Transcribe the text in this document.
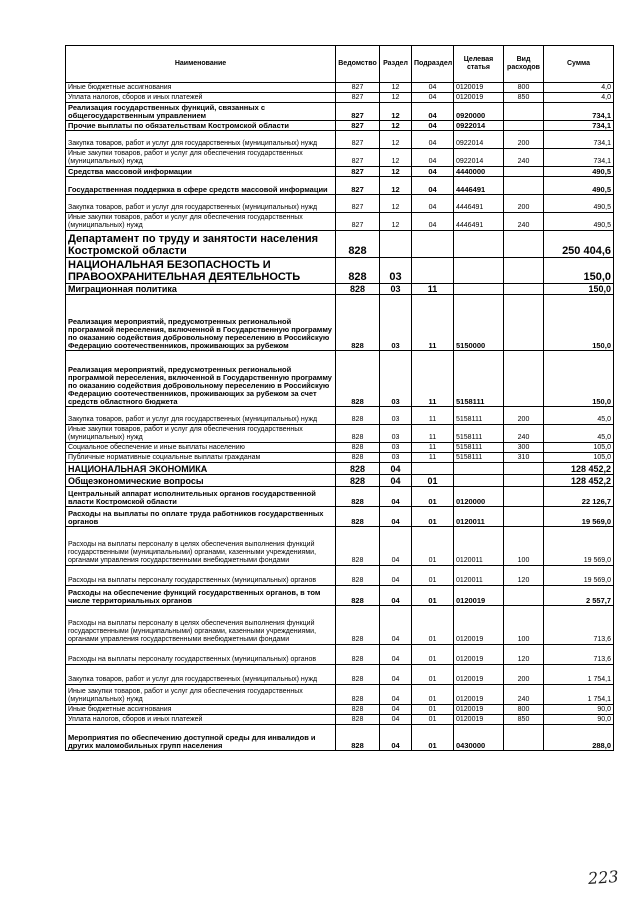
Наименование	Ведомство	Раздел	Подраздел	Целевая статья	Вид расходов	Сумма
Иные бюджетные ассигнования	827	12	04	0120019	800	4,0
Уплата налогов, сборов и иных платежей	827	12	04	0120019	850	4,0
Реализация государственных функций, связанных с общегосударственным управлением	827	12	04	0920000		734,1
Прочие выплаты по обязательствам Костромской области	827	12	04	0922014		734,1
Закупка товаров, работ и услуг для государственных (муниципальных) нужд	827	12	04	0922014	200	734,1
Иные закупки товаров, работ и услуг для обеспечения государственных (муниципальных) нужд	827	12	04	0922014	240	734,1
Средства массовой информации	827	12	04	4440000		490,5
Государственная поддержка в сфере средств массовой информации	827	12	04	4446491		490,5
Закупка товаров, работ и услуг для государственных (муниципальных) нужд	827	12	04	4446491	200	490,5
Иные закупки товаров, работ и услуг для обеспечения государственных (муниципальных) нужд	827	12	04	4446491	240	490,5
Департамент по труду и занятости населения Костромской области	828					250 404,6
НАЦИОНАЛЬНАЯ БЕЗОПАСНОСТЬ И ПРАВООХРАНИТЕЛЬНАЯ ДЕЯТЕЛЬНОСТЬ	828	03				150,0
Миграционная политика	828	03	11			150,0
Реализация мероприятий, предусмотренных региональной программой переселения, включенной в Государственную программу по оказанию содействия добровольному переселению в Российскую Федерацию соотечественников, проживающих за рубежом	828	03	11	5150000		150,0
Реализация мероприятий, предусмотренных региональной программой переселения, включенной в Государственную программу по оказанию содействия добровольному переселению в Российскую Федерацию соотечественников, проживающих за рубежом за счет средств областного бюджета	828	03	11	5158111		150,0
Закупка товаров, работ и услуг для государственных (муниципальных) нужд	828	03	11	5158111	200	45,0
Иные закупки товаров, работ и услуг для обеспечения государственных (муниципальных) нужд	828	03	11	5158111	240	45,0
Социальное обеспечение и иные выплаты населению	828	03	11	5158111	300	105,0
Публичные нормативные социальные выплаты гражданам	828	03	11	5158111	310	105,0
НАЦИОНАЛЬНАЯ ЭКОНОМИКА	828	04				128 452,2
Общеэкономические вопросы	828	04	01			128 452,2
Центральный аппарат исполнительных органов государственной власти Костромской области	828	04	01	0120000		22 126,7
Расходы на выплаты по оплате труда работников государственных органов	828	04	01	0120011		19 569,0
Расходы на выплаты персоналу в целях обеспечения выполнения функций государственными (муниципальными) органами, казенными учреждениями, органами управления государственными внебюджетными фондами	828	04	01	0120011	100	19 569,0
Расходы на выплаты персоналу государственных (муниципальных) органов	828	04	01	0120011	120	19 569,0
Расходы на обеспечение функций государственных органов, в том числе территориальных органов	828	04	01	0120019		2 557,7
Расходы на выплаты персоналу в целях обеспечения выполнения функций государственными (муниципальными) органами, казенными учреждениями, органами управления государственными внебюджетными фондами	828	04	01	0120019	100	713,6
Расходы на выплаты персоналу государственных (муниципальных) органов	828	04	01	0120019	120	713,6
Закупка товаров, работ и услуг для государственных (муниципальных) нужд	828	04	01	0120019	200	1 754,1
Иные закупки товаров, работ и услуг для обеспечения государственных (муниципальных) нужд	828	04	01	0120019	240	1 754,1
Иные бюджетные ассигнования	828	04	01	0120019	800	90,0
Уплата налогов, сборов и иных платежей	828	04	01	0120019	850	90,0
Мероприятия по обеспечению доступной среды для инвалидов и других маломобильных групп населения	828	04	01	0430000		288,0
223
